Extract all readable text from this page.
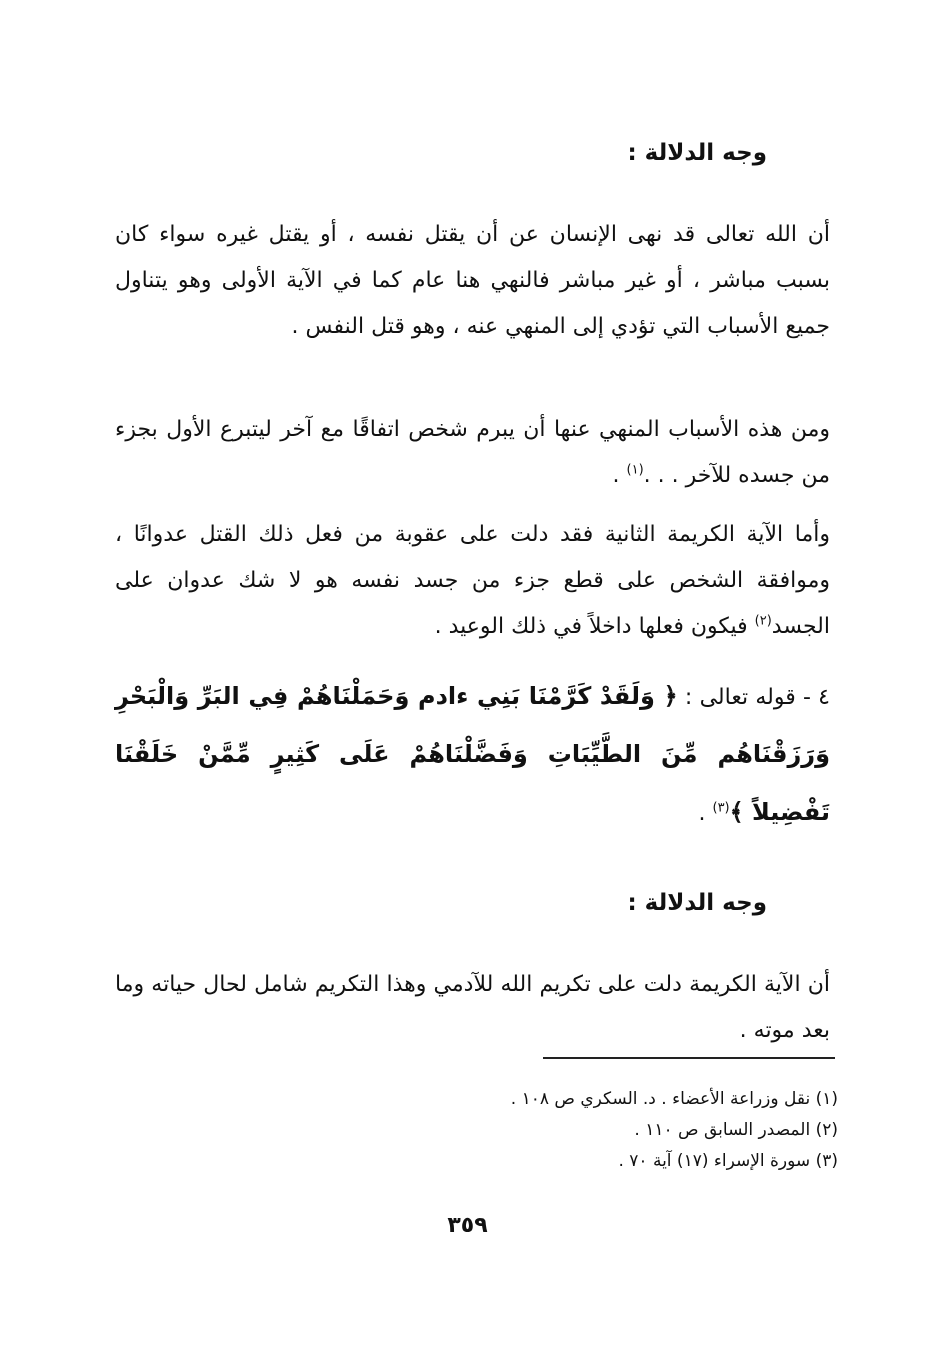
وجه الدلالة :
أن الله تعالى قد نهى الإنسان عن أن يقتل نفسه ، أو يقتل غيره سواء كان بسبب مباشر ، أو غير مباشر فالنهي هنا عام كما في الآية الأولى وهو يتناول جميع الأسباب التي تؤدي إلى المنهي عنه ، وهو قتل النفس .
ومن هذه الأسباب المنهي عنها أن يبرم شخص اتفاقًا مع آخر ليتبرع الأول بجزء من جسده للآخر . . .$^{(١)}$ .
وأما الآية الكريمة الثانية فقد دلت على عقوبة من فعل ذلك القتل عدوانًا ، وموافقة الشخص على قطع جزء من جسد نفسه هو لا شك عدوان على الجسد$^{(٢)}$ فيكون فعلها داخلاً في ذلك الوعيد .
٤ - قوله تعالى : ﴿ وَلَقَدْ كَرَّمْنَا بَنِي ءادم وَحَمَلْنَاهُمْ فِي البَرِّ وَالْبَحْرِ وَرَزَقْنَاهُم مِّنَ الطَّيِّبَاتِ وَفَضَّلْنَاهُمْ عَلَى كَثِيرٍ مِّمَّنْ خَلَقْنَا تَفْضِيلاً ﴾$^{(٣)}$ .
وجه الدلالة :
أن الآية الكريمة دلت على تكريم الله للآدمي وهذا التكريم شامل لحال حياته وما بعد موته .
(١) نقل وزراعة الأعضاء . د. السكري ص ١٠٨ .
(٢) المصدر السابق ص ١١٠ .
(٣) سورة الإسراء (١٧) آية ٧٠ .
٣٥٩
